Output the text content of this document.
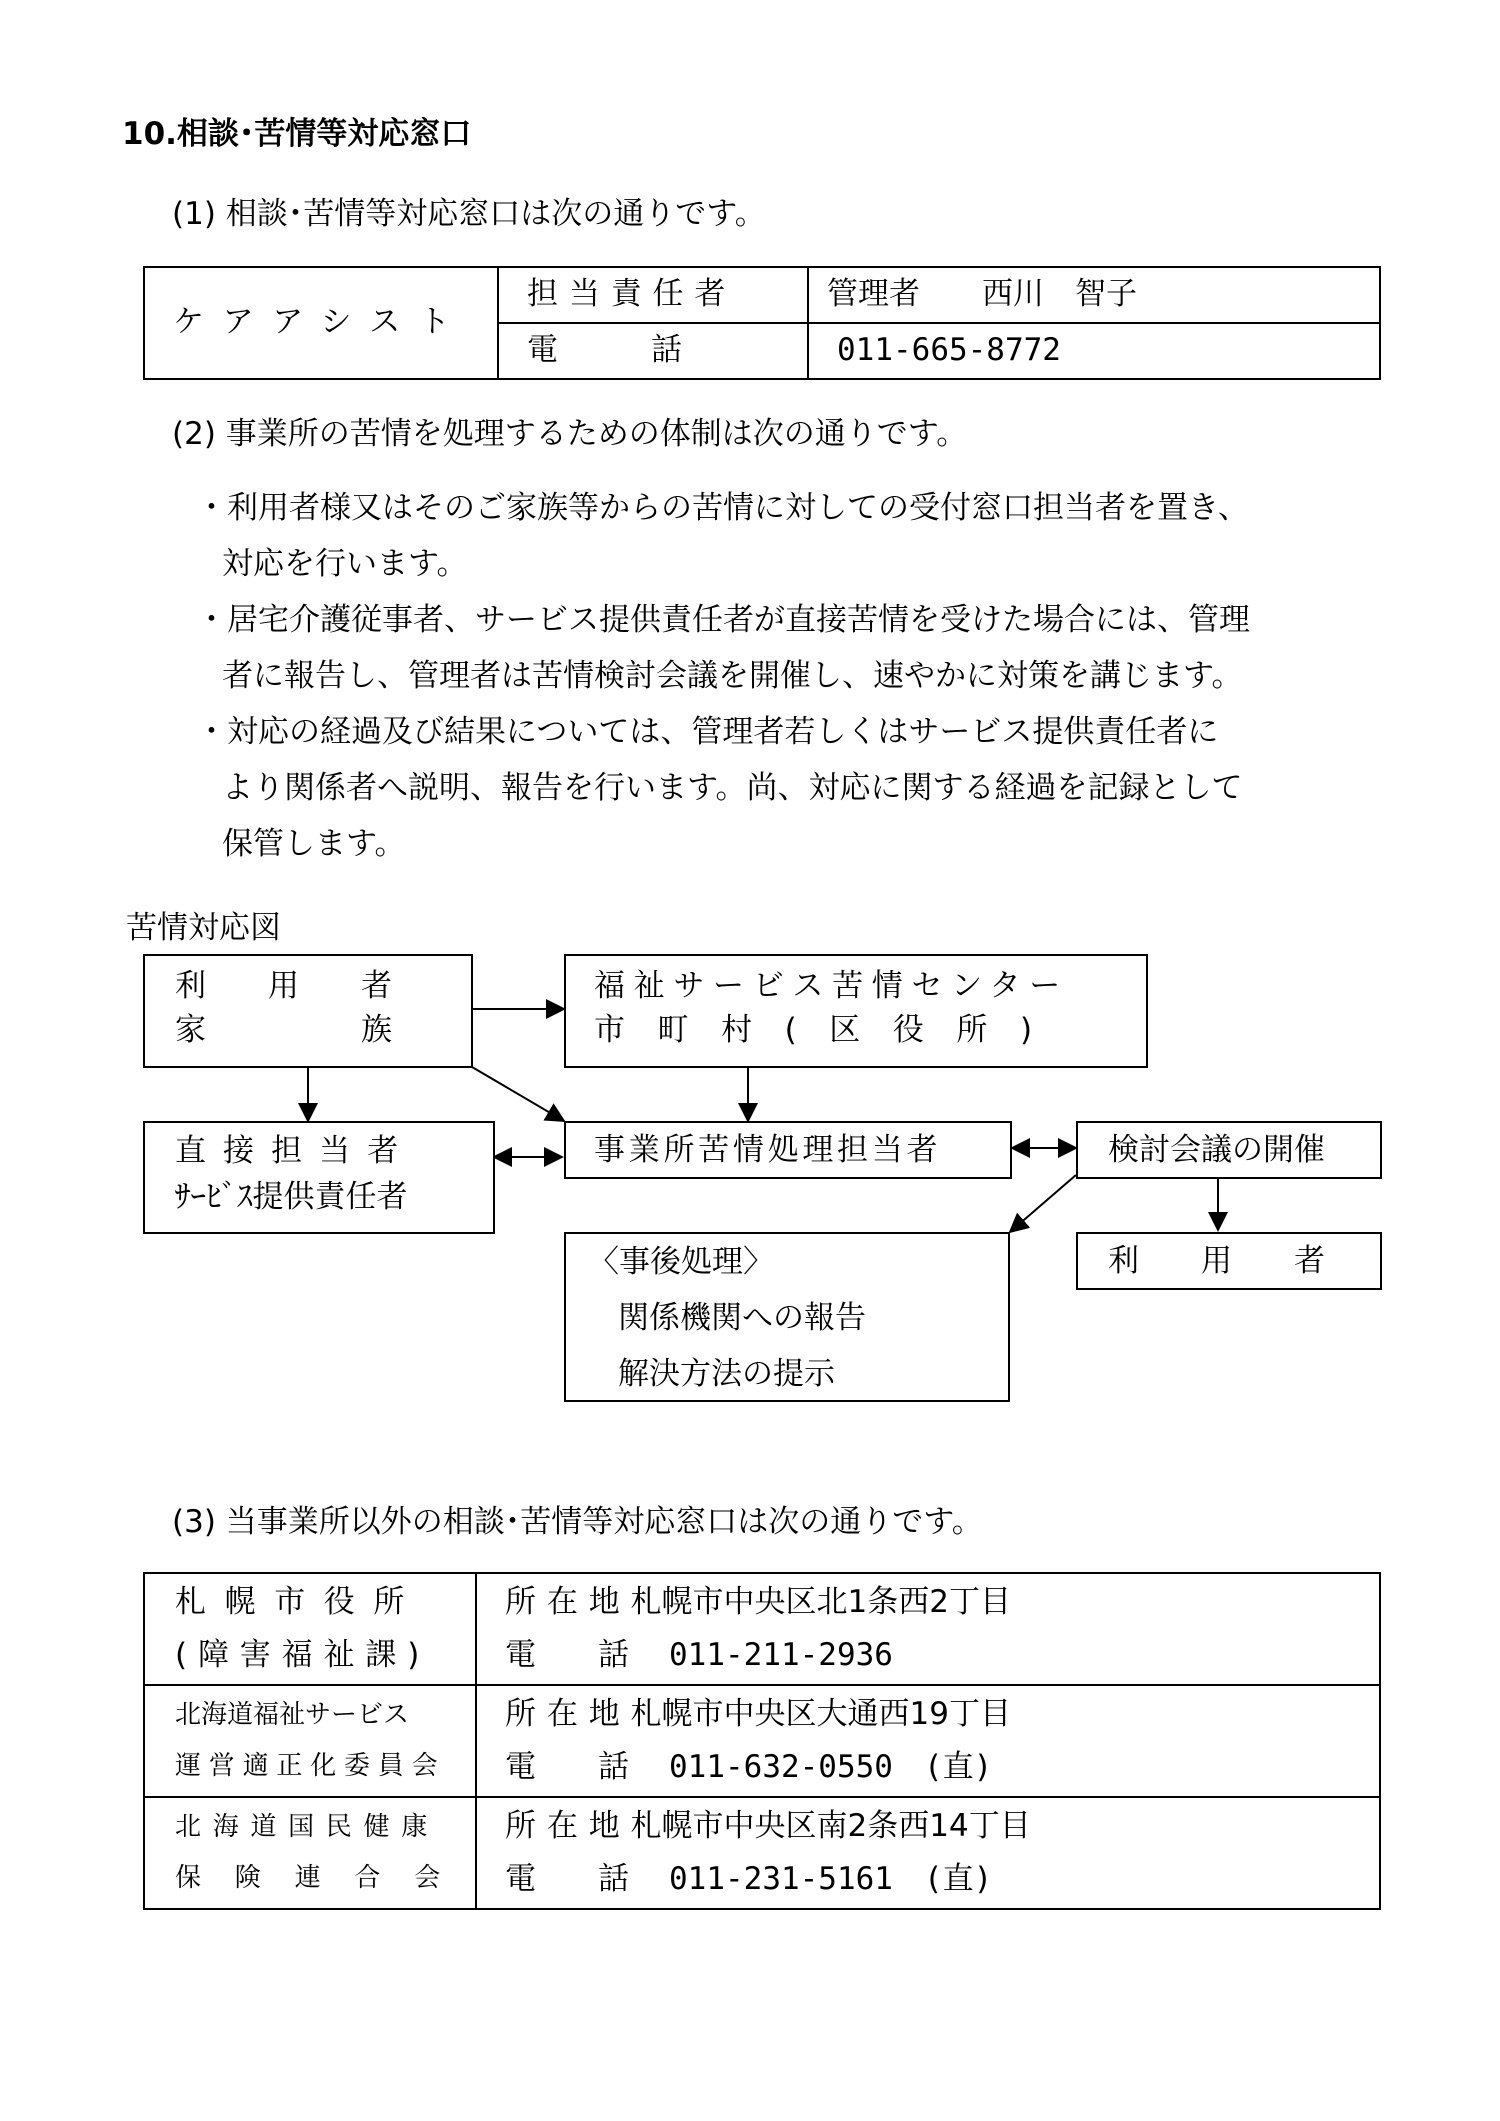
10.相談･苦情等対応窓口
(1) 相談･苦情等対応窓口は次の通りです。
ケアアシスト	担当責任者	管理者　　西川　智子

	電　　　話	011-665-8772
(2) 事業所の苦情を処理するための体制は次の通りです。
・利用者様又はそのご家族等からの苦情に対しての受付窓口担当者を置き、
対応を行います。
・居宅介護従事者、サービス提供責任者が直接苦情を受けた場合には、管理
者に報告し、管理者は苦情検討会議を開催し、速やかに対策を講じます。
・対応の経過及び結果については、管理者若しくはサービス提供責任者に
より関係者へ説明、報告を行います。尚、対応に関する経過を記録として
保管します。
苦情対応図
利　　用　　者
家　　　　　族
福祉サービス苦情センター
市町村(区役所)
直接担当者
ｻｰﾋﾞｽ提供責任者
事業所苦情処理担当者	検討会議の開催
〈事後処理〉
関係機関への報告
解決方法の提示
利　　用　　者
(3) 当事業所以外の相談･苦情等対応窓口は次の通りです。
札幌市役所
(障害福祉課)	所在地札幌市中央区北1条西2丁目
電　　話 011-211-2936

北海道福祉サービス
運営適正化委員会	所在地札幌市中央区大通西19丁目
電　　話 011-632-0550　(直)

北海道国民健康
保険連合会	所在地札幌市中央区南2条西14丁目
電　　話 011-231-5161　(直)
